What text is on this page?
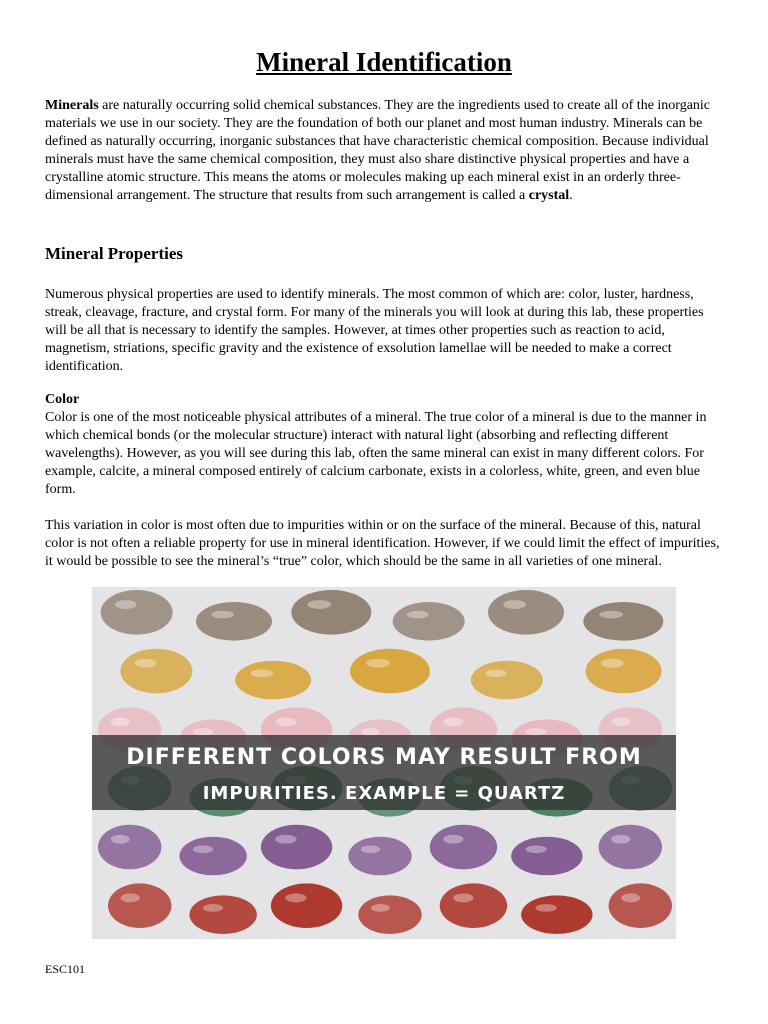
Mineral Identification

Minerals are naturally occurring solid chemical substances. They are the ingredients used to create all of the inorganic materials we use in our society. They are the foundation of both our planet and most human industry. Minerals can be defined as naturally occurring, inorganic substances that have characteristic chemical composition. Because individual minerals must have the same chemical composition, they must also share distinctive physical properties and have a crystalline atomic structure. This means the atoms or molecules making up each mineral exist in an orderly three-dimensional arrangement. The structure that results from such arrangement is called a crystal.

Mineral Properties

Numerous physical properties are used to identify minerals. The most common of which are: color, luster, hardness, streak, cleavage, fracture, and crystal form. For many of the minerals you will look at during this lab, these properties will be all that is necessary to identify the samples. However, at times other properties such as reaction to acid, magnetism, striations, specific gravity and the existence of exsolution lamellae will be needed to make a correct identification.

Color

Color is one of the most noticeable physical attributes of a mineral. The true color of a mineral is due to the manner in which chemical bonds (or the molecular structure) interact with natural light (absorbing and reflecting different wavelengths). However, as you will see during this lab, often the same mineral can exist in many different colors. For example, calcite, a mineral composed entirely of calcium carbonate, exists in a colorless, white, green, and even blue form.

This variation in color is most often due to impurities within or on the surface of the mineral. Because of this, natural color is not often a reliable property for use in mineral identification. However, if we could limit the effect of impurities, it would be possible to see the mineral’s “true” color, which should be the same in all varieties of one mineral.

DIFFERENT COLORS MAY RESULT FROM
IMPURITIES. EXAMPLE = QUARTZ

ESC101
